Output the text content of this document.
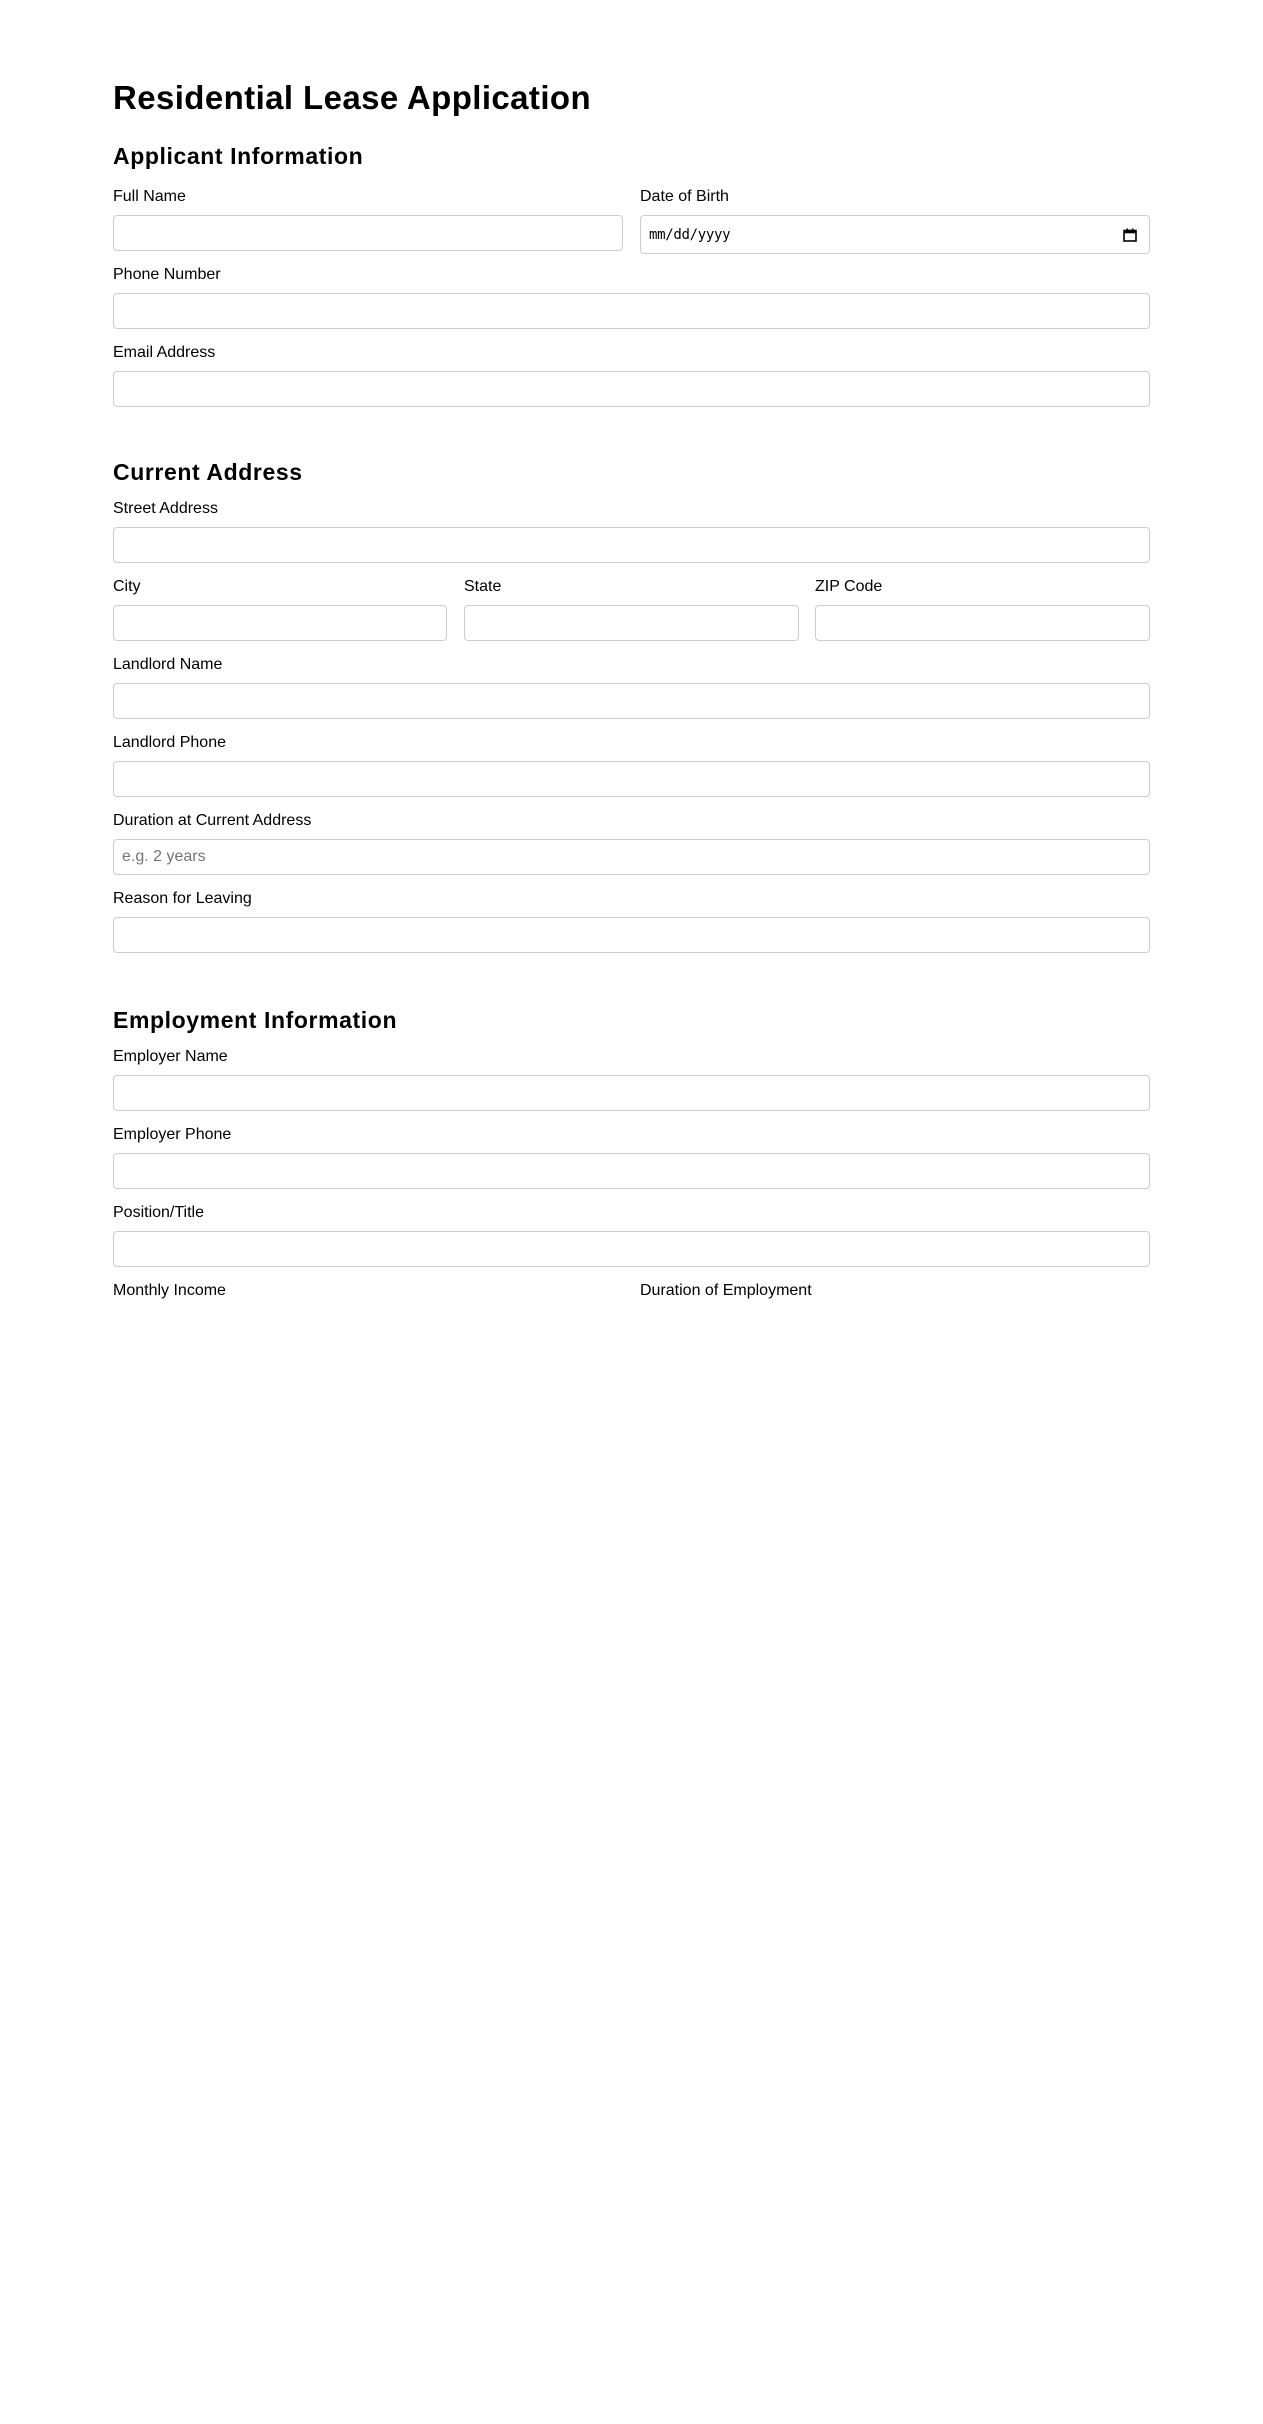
Residential Lease Application
Applicant Information
Full Name	Date of Birth
mm/dd/yyyy
Phone Number
Email Address
Current Address
Street Address
City	State	ZIP Code
Landlord Name
Landlord Phone
Duration at Current Address
e.g. 2 years
Reason for Leaving
Employment Information
Employer Name
Employer Phone
Position/Title
Monthly Income	Duration of Employment
